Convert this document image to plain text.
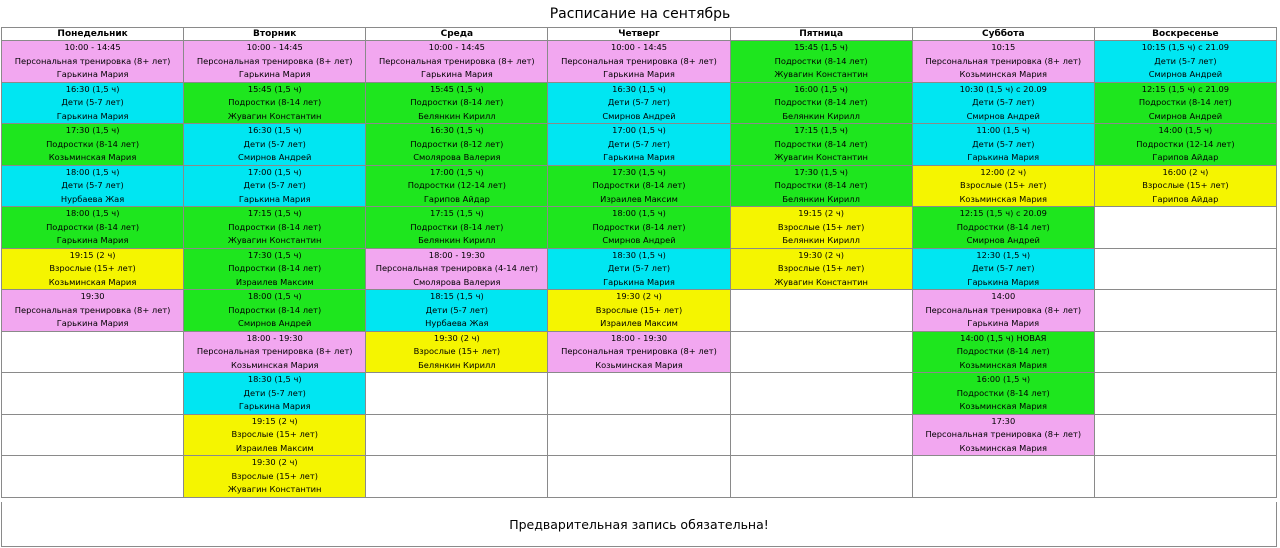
Расписание на сентябрь
Понедельник	Вторник	Среда	Четверг	Пятница	Суббота	Воскресенье

10:00 - 14:45
Персональная тренировка (8+ лет)
Гарькина Мария	10:00 - 14:45
Персональная тренировка (8+ лет)
Гарькина Мария	10:00 - 14:45
Персональная тренировка (8+ лет)
Гарькина Мария	10:00 - 14:45
Персональная тренировка (8+ лет)
Гарькина Мария	15:45 (1,5 ч)
Подростки (8-14 лет)
Жувагин Константин	10:15
Персональная тренировка (8+ лет)
Козьминская Мария	10:15 (1,5 ч) с 21.09
Дети (5-7 лет)
Смирнов Андрей

16:30 (1,5 ч)
Дети (5-7 лет)
Гарькина Мария	15:45 (1,5 ч)
Подростки (8-14 лет)
Жувагин Константин	15:45 (1,5 ч)
Подростки (8-14 лет)
Белянкин Кирилл	16:30 (1,5 ч)
Дети (5-7 лет)
Смирнов Андрей	16:00 (1,5 ч)
Подростки (8-14 лет)
Белянкин Кирилл	10:30 (1,5 ч) с 20.09
Дети (5-7 лет)
Смирнов Андрей	12:15 (1,5 ч) с 21.09
Подростки (8-14 лет)
Смирнов Андрей

17:30 (1,5 ч)
Подростки (8-14 лет)
Козьминская Мария	16:30 (1,5 ч)
Дети (5-7 лет)
Смирнов Андрей	16:30 (1,5 ч)
Подростки (8-12 лет)
Смолярова Валерия	17:00 (1,5 ч)
Дети (5-7 лет)
Гарькина Мария	17:15 (1,5 ч)
Подростки (8-14 лет)
Жувагин Константин	11:00 (1,5 ч)
Дети (5-7 лет)
Гарькина Мария	14:00 (1,5 ч)
Подростки (12-14 лет)
Гарипов Айдар

18:00 (1,5 ч)
Дети (5-7 лет)
Нурбаева Жая	17:00 (1,5 ч)
Дети (5-7 лет)
Гарькина Мария	17:00 (1,5 ч)
Подростки (12-14 лет)
Гарипов Айдар	17:30 (1,5 ч)
Подростки (8-14 лет)
Израилев Максим	17:30 (1,5 ч)
Подростки (8-14 лет)
Белянкин Кирилл	12:00 (2 ч)
Взрослые (15+ лет)
Козьминская Мария	16:00 (2 ч)
Взрослые (15+ лет)
Гарипов Айдар

18:00 (1,5 ч)
Подростки (8-14 лет)
Гарькина Мария	17:15 (1,5 ч)
Подростки (8-14 лет)
Жувагин Константин	17:15 (1,5 ч)
Подростки (8-14 лет)
Белянкин Кирилл	18:00 (1,5 ч)
Подростки (8-14 лет)
Смирнов Андрей	19:15 (2 ч)
Взрослые (15+ лет)
Белянкин Кирилл	12:15 (1,5 ч) с 20.09
Подростки (8-14 лет)
Смирнов Андрей	

19:15 (2 ч)
Взрослые (15+ лет)
Козьминская Мария	17:30 (1,5 ч)
Подростки (8-14 лет)
Израилев Максим	18:00 - 19:30
Персональная тренировка (4-14 лет)
Смолярова Валерия	18:30 (1,5 ч)
Дети (5-7 лет)
Гарькина Мария	19:30 (2 ч)
Взрослые (15+ лет)
Жувагин Константин	12:30 (1,5 ч)
Дети (5-7 лет)
Гарькина Мария	

19:30
Персональная тренировка (8+ лет)
Гарькина Мария	18:00 (1,5 ч)
Подростки (8-14 лет)
Смирнов Андрей	18:15 (1,5 ч)
Дети (5-7 лет)
Нурбаева Жая	19:30 (2 ч)
Взрослые (15+ лет)
Израилев Максим		14:00
Персональная тренировка (8+ лет)
Гарькина Мария	

	18:00 - 19:30
Персональная тренировка (8+ лет)
Козьминская Мария	19:30 (2 ч)
Взрослые (15+ лет)
Белянкин Кирилл	18:00 - 19:30
Персональная тренировка (8+ лет)
Козьминская Мария		14:00 (1,5 ч) НОВАЯ
Подростки (8-14 лет)
Козьминская Мария	

	18:30 (1,5 ч)
Дети (5-7 лет)
Гарькина Мария				16:00 (1,5 ч)
Подростки (8-14 лет)
Козьминская Мария	

	19:15 (2 ч)
Взрослые (15+ лет)
Израилев Максим				17:30
Персональная тренировка (8+ лет)
Козьминская Мария	

	19:30 (2 ч)
Взрослые (15+ лет)
Жувагин Константин					

Предварительная запись обязательна!
